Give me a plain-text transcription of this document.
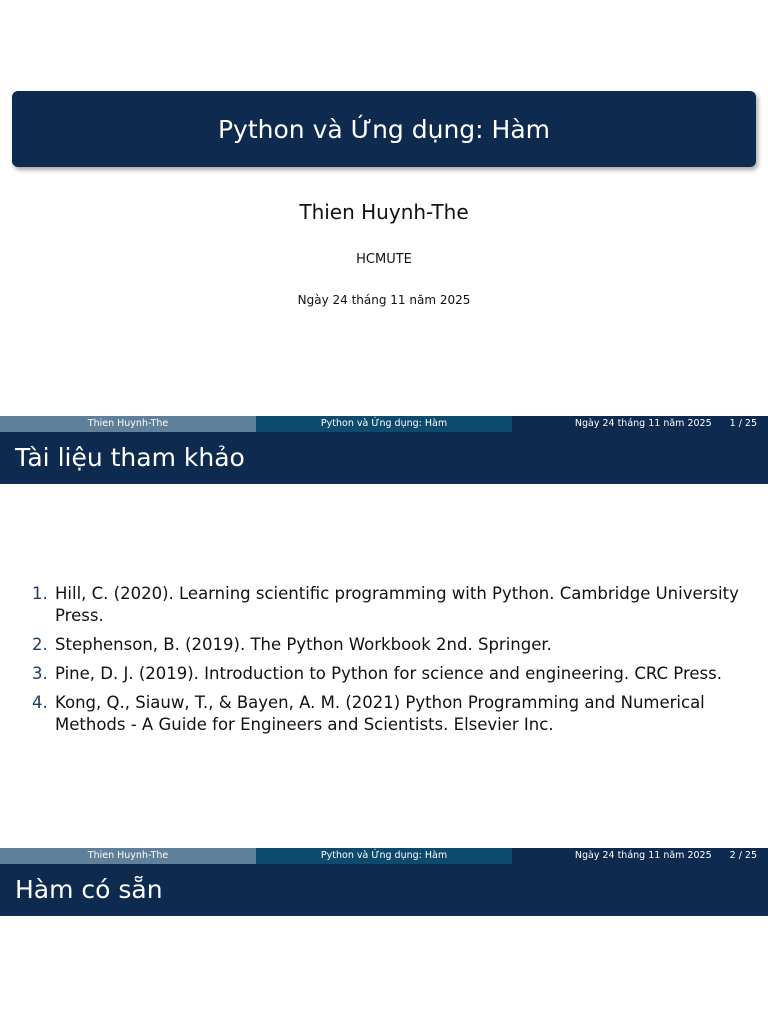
Python và Ứng dụng: Hàm
Thien Huynh-The
HCMUTE
Ngày 24 tháng 11 năm 2025
Thien Huynh-The	Python và Ứng dụng: Hàm	Ngày 24 tháng 11 năm 2025 1 / 25
Tài liệu tham khảo
1. Hill, C. (2020). Learning scientific programming with Python. Cambridge University Press.
2. Stephenson, B. (2019). The Python Workbook 2nd. Springer.
3. Pine, D. J. (2019). Introduction to Python for science and engineering. CRC Press.
4. Kong, Q., Siauw, T., & Bayen, A. M. (2021) Python Programming and Numerical Methods - A Guide for Engineers and Scientists. Elsevier Inc.
Thien Huynh-The	Python và Ứng dụng: Hàm	Ngày 24 tháng 11 năm 2025 2 / 25
Hàm có sẵn
